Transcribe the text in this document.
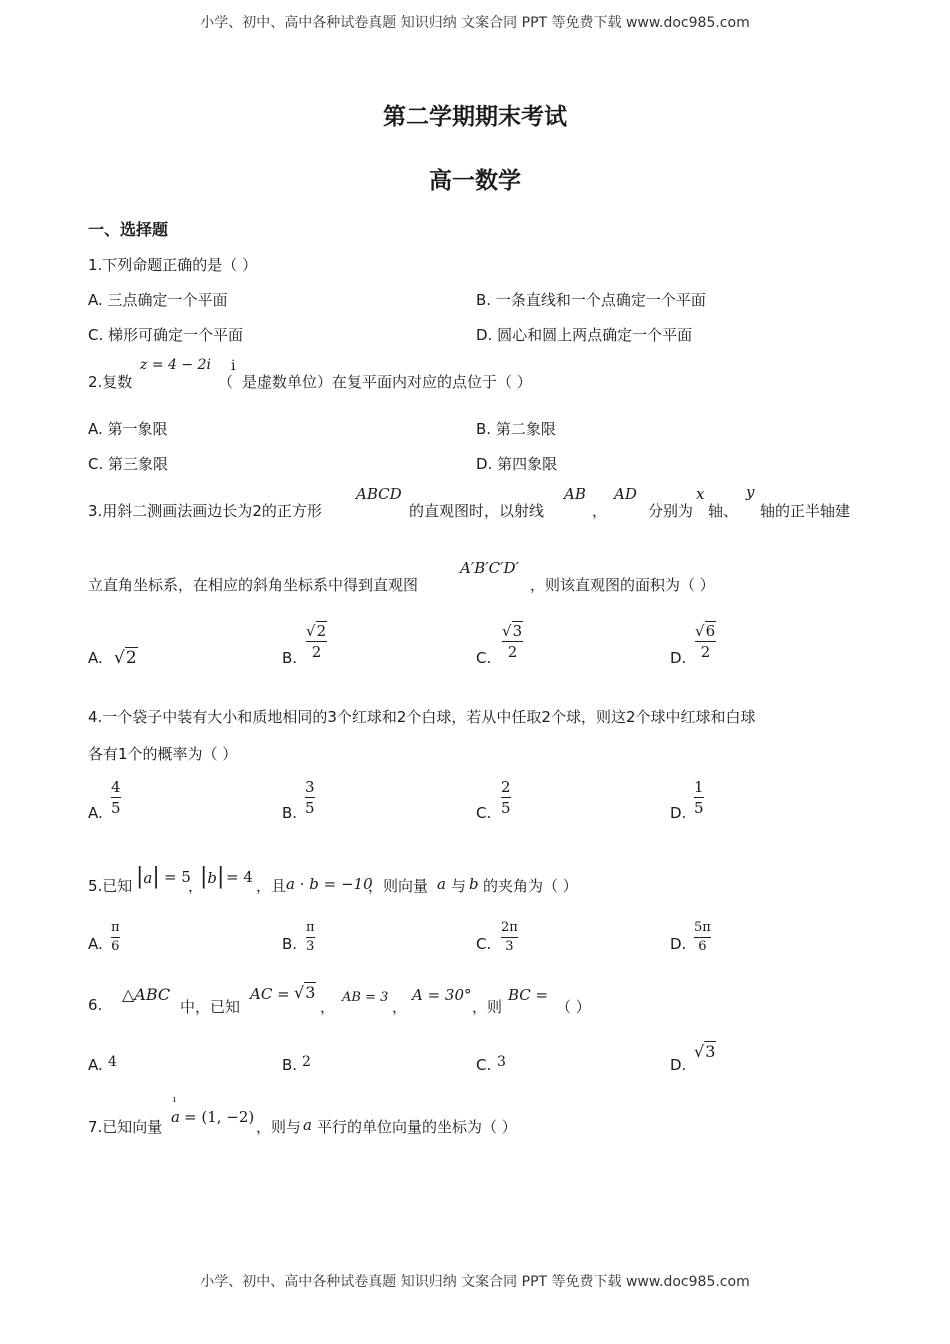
小学、初中、高中各种试卷真题 知识归纳 文案合同 PPT 等免费下载 www.doc985.com
小学、初中、高中各种试卷真题 知识归纳 文案合同 PPT 等免费下载 www.doc985.com
第二学期期末考试
高一数学
一、选择题
1.下列命题正确的是（ ）
A. 三点确定一个平面	B. 一条直线和一个点确定一个平面
C. 梯形可确定一个平面	D. 圆心和圆上两点确定一个平面
2.复数
z = 4 − 2i
（
i
是虚数单位）在复平面内对应的点位于（ ）
A. 第一象限	B. 第二象限
C. 第三象限	D. 第四象限
3.用斜二测画法画边长为2的正方形
ABCD
的直观图时，以射线
AB
，
AD
分别为
x
轴、
y
轴的正半轴建
立直角坐标系，在相应的斜角坐标系中得到直观图
A′B′C′D′
，则该直观图的面积为（ ）
A. √2	B.
√2
2	C.
√3
2	D.
√6
2
4.一个袋子中装有大小和质地相同的3个红球和2个白球，若从中任取2个球，则这2个球中红球和白球
各有1个的概率为（ ）
A.
4
5	B.
3
5	C.
2
5	D.
1
5
5.已知 |a| = 5
，
|b| = 4 ，且 a · b = −10
，则向量 a 与 b 的夹角为（ ）
A.
π
6	B.
π
3	C.
2π
3	D.
5π
6
6.
△ABC
中，已知
AC = √3
，
AB = 3
，
A = 30°
，则
BC =
（ ）
A. 4	B. 2	C. 3	D.
√3
7.已知向量
ı
a = (1, −2)
，则与 a 平行的单位向量的坐标为（ ）
